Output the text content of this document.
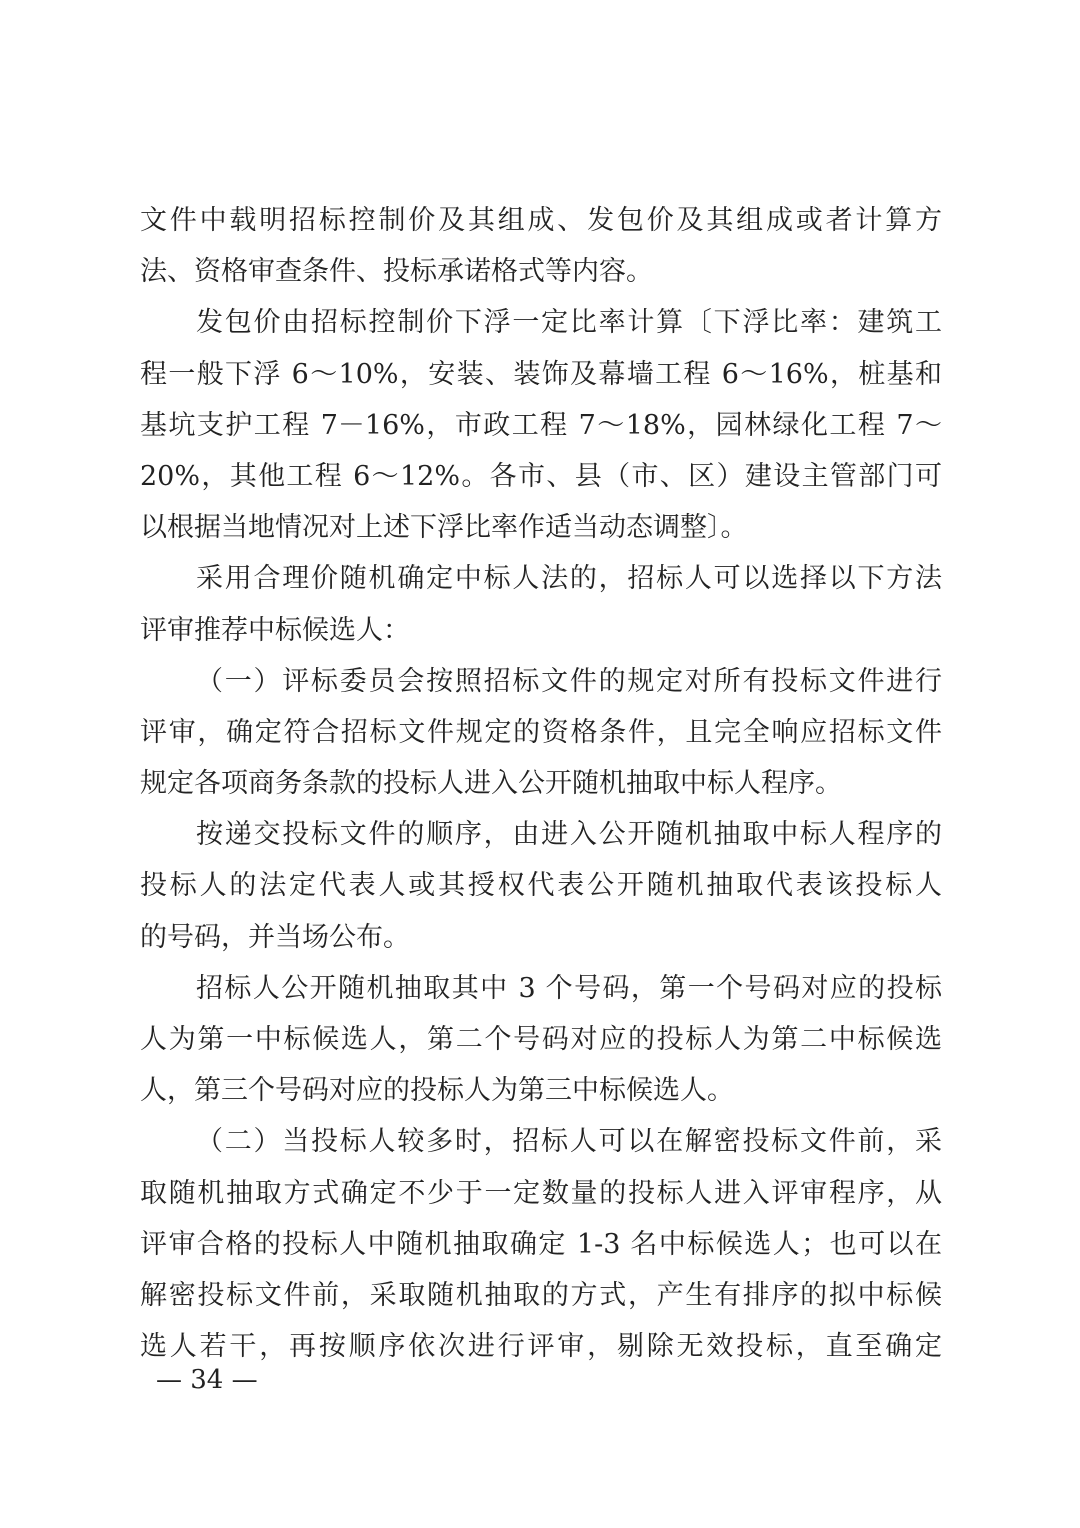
文件中载明招标控制价及其组成、发包价及其组成或者计算方
法、资格审查条件、投标承诺格式等内容。
发包价由招标控制价下浮一定比率计算〔下浮比率：建筑工
程一般下浮 6～10%，安装、装饰及幕墙工程 6～16%，桩基和
基坑支护工程 7－16%，市政工程 7～18%，园林绿化工程 7～
20%，其他工程 6～12%。各市、县（市、区）建设主管部门可
以根据当地情况对上述下浮比率作适当动态调整〕。
采用合理价随机确定中标人法的，招标人可以选择以下方法
评审推荐中标候选人：
（一）评标委员会按照招标文件的规定对所有投标文件进行
评审，确定符合招标文件规定的资格条件，且完全响应招标文件
规定各项商务条款的投标人进入公开随机抽取中标人程序。
按递交投标文件的顺序，由进入公开随机抽取中标人程序的
投标人的法定代表人或其授权代表公开随机抽取代表该投标人
的号码，并当场公布。
招标人公开随机抽取其中 3 个号码，第一个号码对应的投标
人为第一中标候选人，第二个号码对应的投标人为第二中标候选
人，第三个号码对应的投标人为第三中标候选人。
（二）当投标人较多时，招标人可以在解密投标文件前，采
取随机抽取方式确定不少于一定数量的投标人进入评审程序，从
评审合格的投标人中随机抽取确定 1-3 名中标候选人；也可以在
解密投标文件前，采取随机抽取的方式，产生有排序的拟中标候
选人若干，再按顺序依次进行评审，剔除无效投标，直至确定
— 34 —
